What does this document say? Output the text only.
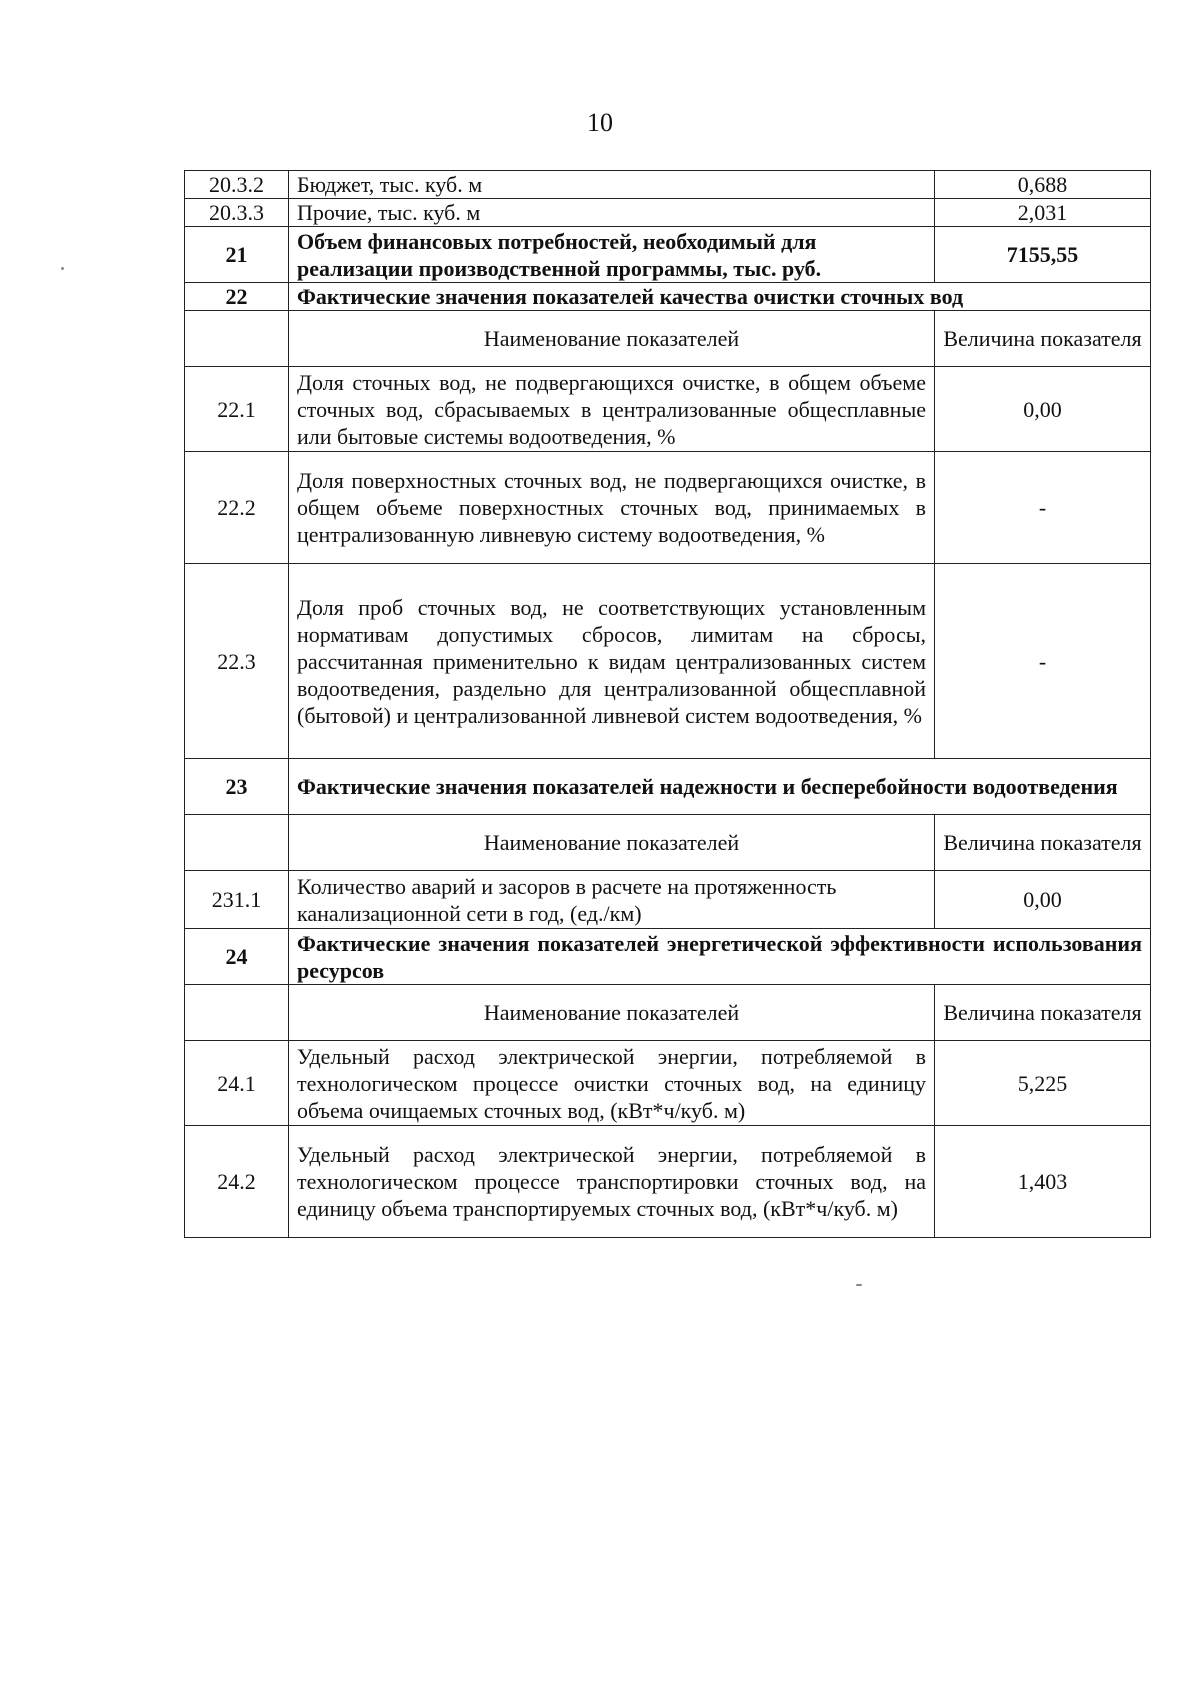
10
20.3.2	Бюджет, тыс. куб. м	0,688
20.3.3	Прочие, тыс. куб. м	2,031
21	Объем финансовых потребностей, необходимый для реализации производственной программы, тыс. руб.	7155,55
22	Фактические значения показателей качества очистки сточных вод	
	Наименование показателей	Величина показателя
22.1	Доля сточных вод, не подвергающихся очистке, в общем объеме сточных вод, сбрасываемых в централизованные общесплавные или бытовые системы водоотведения, %	0,00
22.2	Доля поверхностных сточных вод, не подвергающихся очистке, в общем объеме поверхностных сточных вод, принимаемых в централизованную ливневую систему водоотведения, %	-
22.3	Доля проб сточных вод, не соответствующих установленным нормативам допустимых сбросов, лимитам на сбросы, рассчитанная применительно к видам централизованных систем водоотведения, раздельно для централизованной общесплавной (бытовой) и централизованной ливневой систем водоотведения, %	-
23	Фактические значения показателей надежности и бесперебойности водоотведения	
	Наименование показателей	Величина показателя
231.1	Количество аварий и засоров в расчете на протяженность канализационной сети в год, (ед./км)	0,00
24	Фактические значения показателей энергетической эффективности использования ресурсов	
	Наименование показателей	Величина показателя
24.1	Удельный расход электрической энергии, потребляемой в технологическом процессе очистки сточных вод, на единицу объема очищаемых сточных вод, (кВт*ч/куб. м)	5,225
24.2	Удельный расход электрической энергии, потребляемой в технологическом процессе транспортировки сточных вод, на единицу объема транспортируемых сточных вод, (кВт*ч/куб. м)	1,403
